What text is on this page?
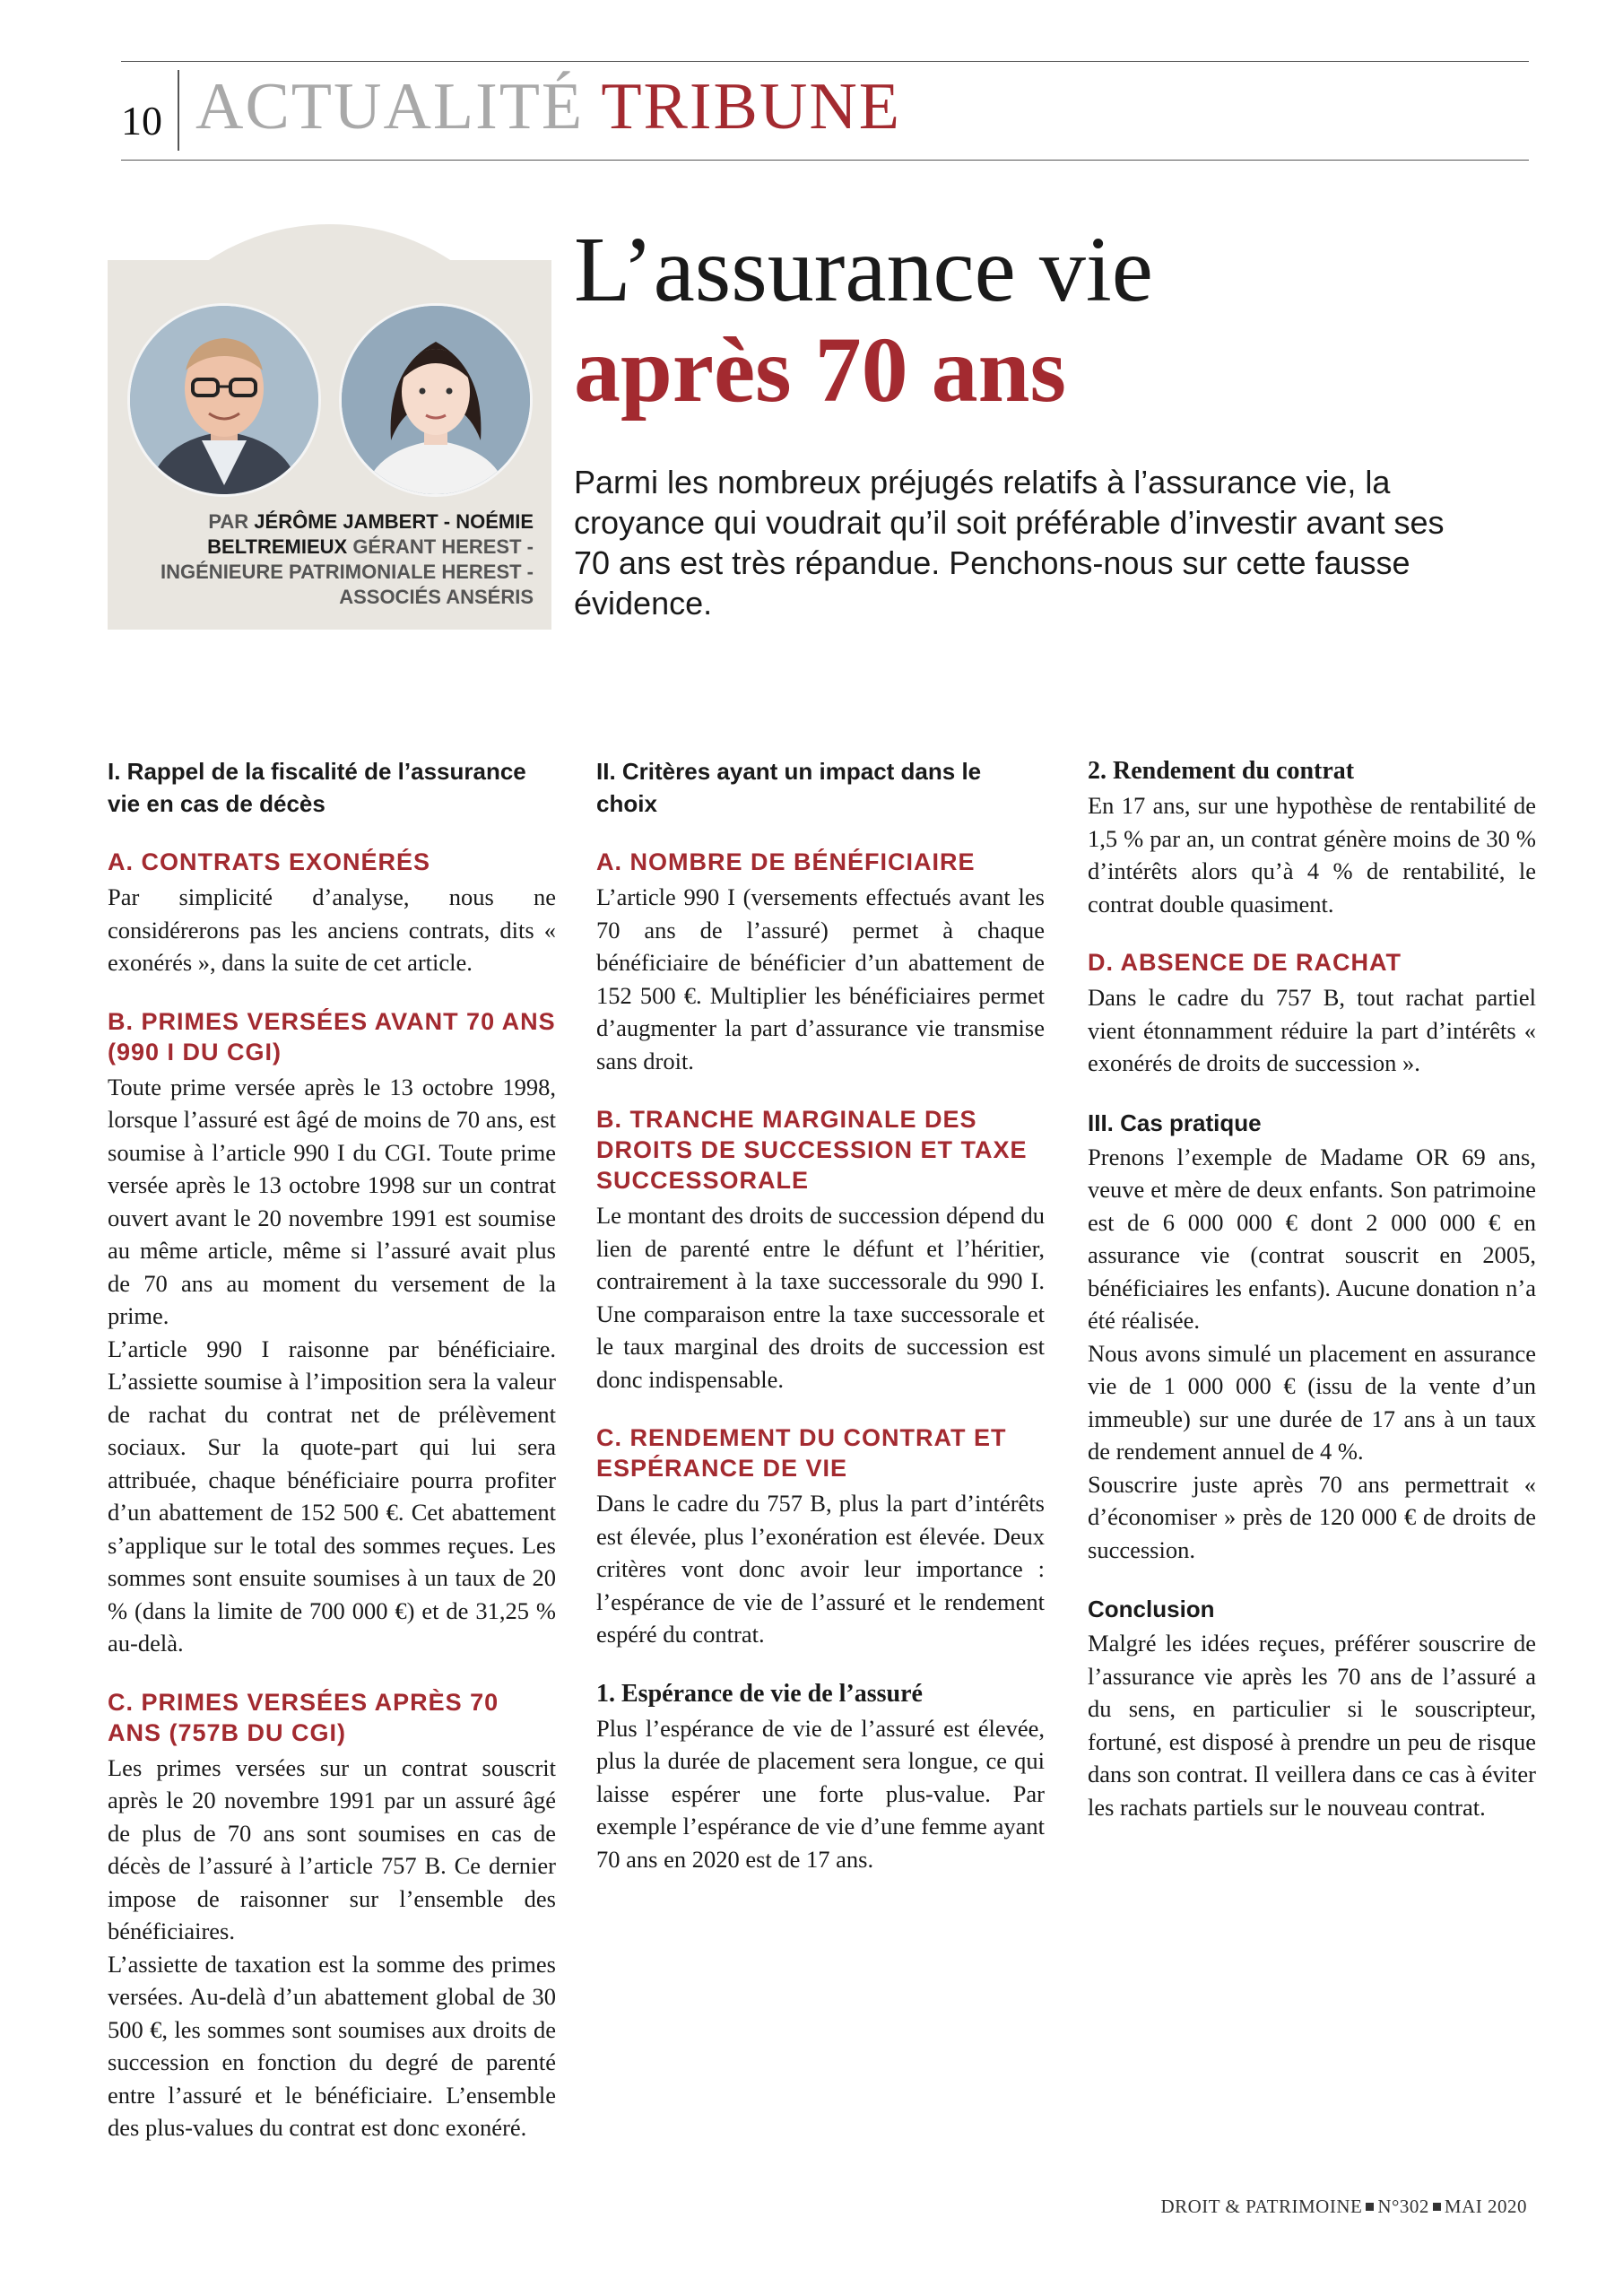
10 ACTUALITÉ TRIBUNE
PAR JÉRÔME JAMBERT - NOÉMIE BELTREMIEUX GÉRANT HEREST - INGÉNIEURE PATRIMONIALE HEREST - ASSOCIÉS ANSÉRIS
L’assurance vie
après 70 ans
Parmi les nombreux préjugés relatifs à l’assurance vie, la croyance qui voudrait qu’il soit préférable d’investir avant ses 70 ans est très répandue. Penchons-nous sur cette fausse évidence.
I. Rappel de la fiscalité de l’assurance vie en cas de décès
A. CONTRATS EXONÉRÉS

Par simplicité d’analyse, nous ne considérerons pas les anciens contrats, dits « exonérés », dans la suite de cet article.

B. PRIMES VERSÉES AVANT 70 ANS (990 I DU CGI)

Toute prime versée après le 13 octobre 1998, lorsque l’assuré est âgé de moins de 70 ans, est soumise à l’article 990 I du CGI. Toute prime versée après le 13 octobre 1998 sur un contrat ouvert avant le 20 novembre 1991 est soumise au même article, même si l’assuré avait plus de 70 ans au moment du versement de la prime.

L’article 990 I raisonne par bénéficiaire. L’assiette soumise à l’imposition sera la valeur de rachat du contrat net de prélèvement sociaux. Sur la quote-part qui lui sera attribuée, chaque bénéficiaire pourra profiter d’un abattement de 152 500 €. Cet abattement s’applique sur le total des sommes reçues. Les sommes sont ensuite soumises à un taux de 20 % (dans la limite de 700 000 €) et de 31,25 % au-delà.

C. PRIMES VERSÉES APRÈS 70 ANS (757B DU CGI)

Les primes versées sur un contrat souscrit après le 20 novembre 1991 par un assuré âgé de plus de 70 ans sont soumises en cas de décès de l’assuré à l’article 757 B. Ce dernier impose de raisonner sur l’ensemble des bénéficiaires.

L’assiette de taxation est la somme des primes versées. Au-delà d’un abattement global de 30 500 €, les sommes sont soumises aux droits de succession en fonction du degré de parenté entre l’assuré et le bénéficiaire. L’ensemble des plus-values du contrat est donc exonéré.

II. Critères ayant un impact dans le choix
A. NOMBRE DE BÉNÉFICIAIRE

L’article 990 I (versements effectués avant les 70 ans de l’assuré) permet à chaque bénéficiaire de bénéficier d’un abattement de 152 500 €. Multiplier les bénéficiaires permet d’augmenter la part d’assurance vie transmise sans droit.

B. TRANCHE MARGINALE DES DROITS DE SUCCESSION ET TAXE SUCCESSORALE

Le montant des droits de succession dépend du lien de parenté entre le défunt et l’héritier, contrairement à la taxe successorale du 990 I. Une comparaison entre la taxe successorale et le taux marginal des droits de succession est donc indispensable.

C. RENDEMENT DU CONTRAT ET ESPÉRANCE DE VIE

Dans le cadre du 757 B, plus la part d’intérêts est élevée, plus l’exonération est élevée. Deux critères vont donc avoir leur importance : l’espérance de vie de l’assuré et le rendement espéré du contrat.

1. Espérance de vie de l’assuré

Plus l’espérance de vie de l’assuré est élevée, plus la durée de placement sera longue, ce qui laisse espérer une forte plus-value. Par exemple l’espérance de vie d’une femme ayant 70 ans en 2020 est de 17 ans.

2. Rendement du contrat

En 17 ans, sur une hypothèse de rentabilité de 1,5 % par an, un contrat génère moins de 30 % d’intérêts alors qu’à 4 % de rentabilité, le contrat double quasiment.

D. ABSENCE DE RACHAT

Dans le cadre du 757 B, tout rachat partiel vient étonnamment réduire la part d’intérêts « exonérés de droits de succession ».

III. Cas pratique

Prenons l’exemple de Madame OR 69 ans, veuve et mère de deux enfants. Son patrimoine est de 6 000 000 € dont 2 000 000 € en assurance vie (contrat souscrit en 2005, bénéficiaires les enfants). Aucune donation n’a été réalisée.

Nous avons simulé un placement en assurance vie de 1 000 000 € (issu de la vente d’un immeuble) sur une durée de 17 ans à un taux de rendement annuel de 4 %.

Souscrire juste après 70 ans permettrait « d’économiser » près de 120 000 € de droits de succession.

Conclusion

Malgré les idées reçues, préférer souscrire de l’assurance vie après les 70 ans de l’assuré a du sens, en particulier si le souscripteur, fortuné, est disposé à prendre un peu de risque dans son contrat. Il veillera dans ce cas à éviter les rachats partiels sur le nouveau contrat.

DROIT & PATRIMOINE N°302 MAI 2020
